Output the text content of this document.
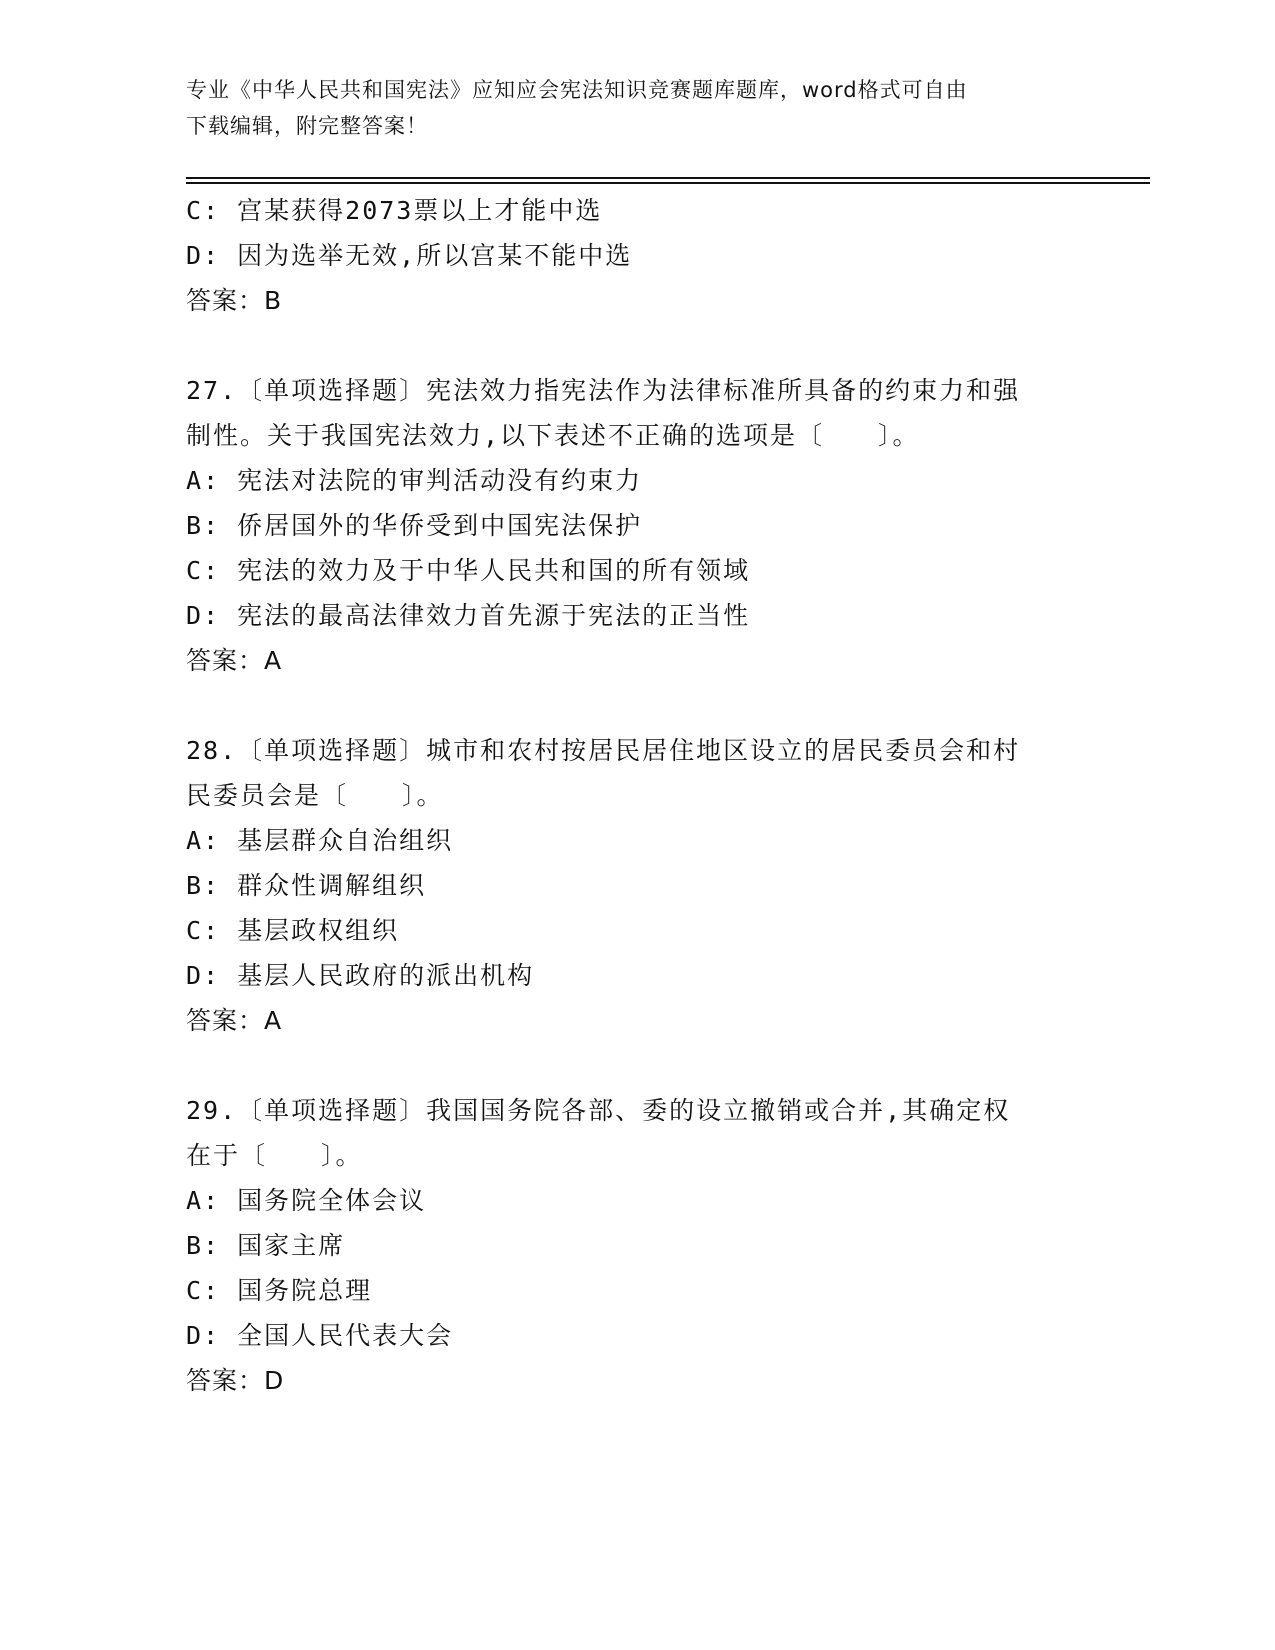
专业《中华人民共和国宪法》应知应会宪法知识竞赛题库题库，word格式可自由
下载编辑，附完整答案！
C: 宫某获得2073票以上才能中选
D: 因为选举无效,所以宫某不能中选
答案：B
27.〔单项选择题〕宪法效力指宪法作为法律标准所具备的约束力和强
制性。关于我国宪法效力,以下表述不正确的选项是〔　　〕。
A: 宪法对法院的审判活动没有约束力
B: 侨居国外的华侨受到中国宪法保护
C: 宪法的效力及于中华人民共和国的所有领域
D: 宪法的最高法律效力首先源于宪法的正当性
答案：A
28.〔单项选择题〕城市和农村按居民居住地区设立的居民委员会和村
民委员会是〔　　〕。
A: 基层群众自治组织
B: 群众性调解组织
C: 基层政权组织
D: 基层人民政府的派出机构
答案：A
29.〔单项选择题〕我国国务院各部、委的设立撤销或合并,其确定权
在于〔　　〕。
A: 国务院全体会议
B: 国家主席
C: 国务院总理
D: 全国人民代表大会
答案：D
